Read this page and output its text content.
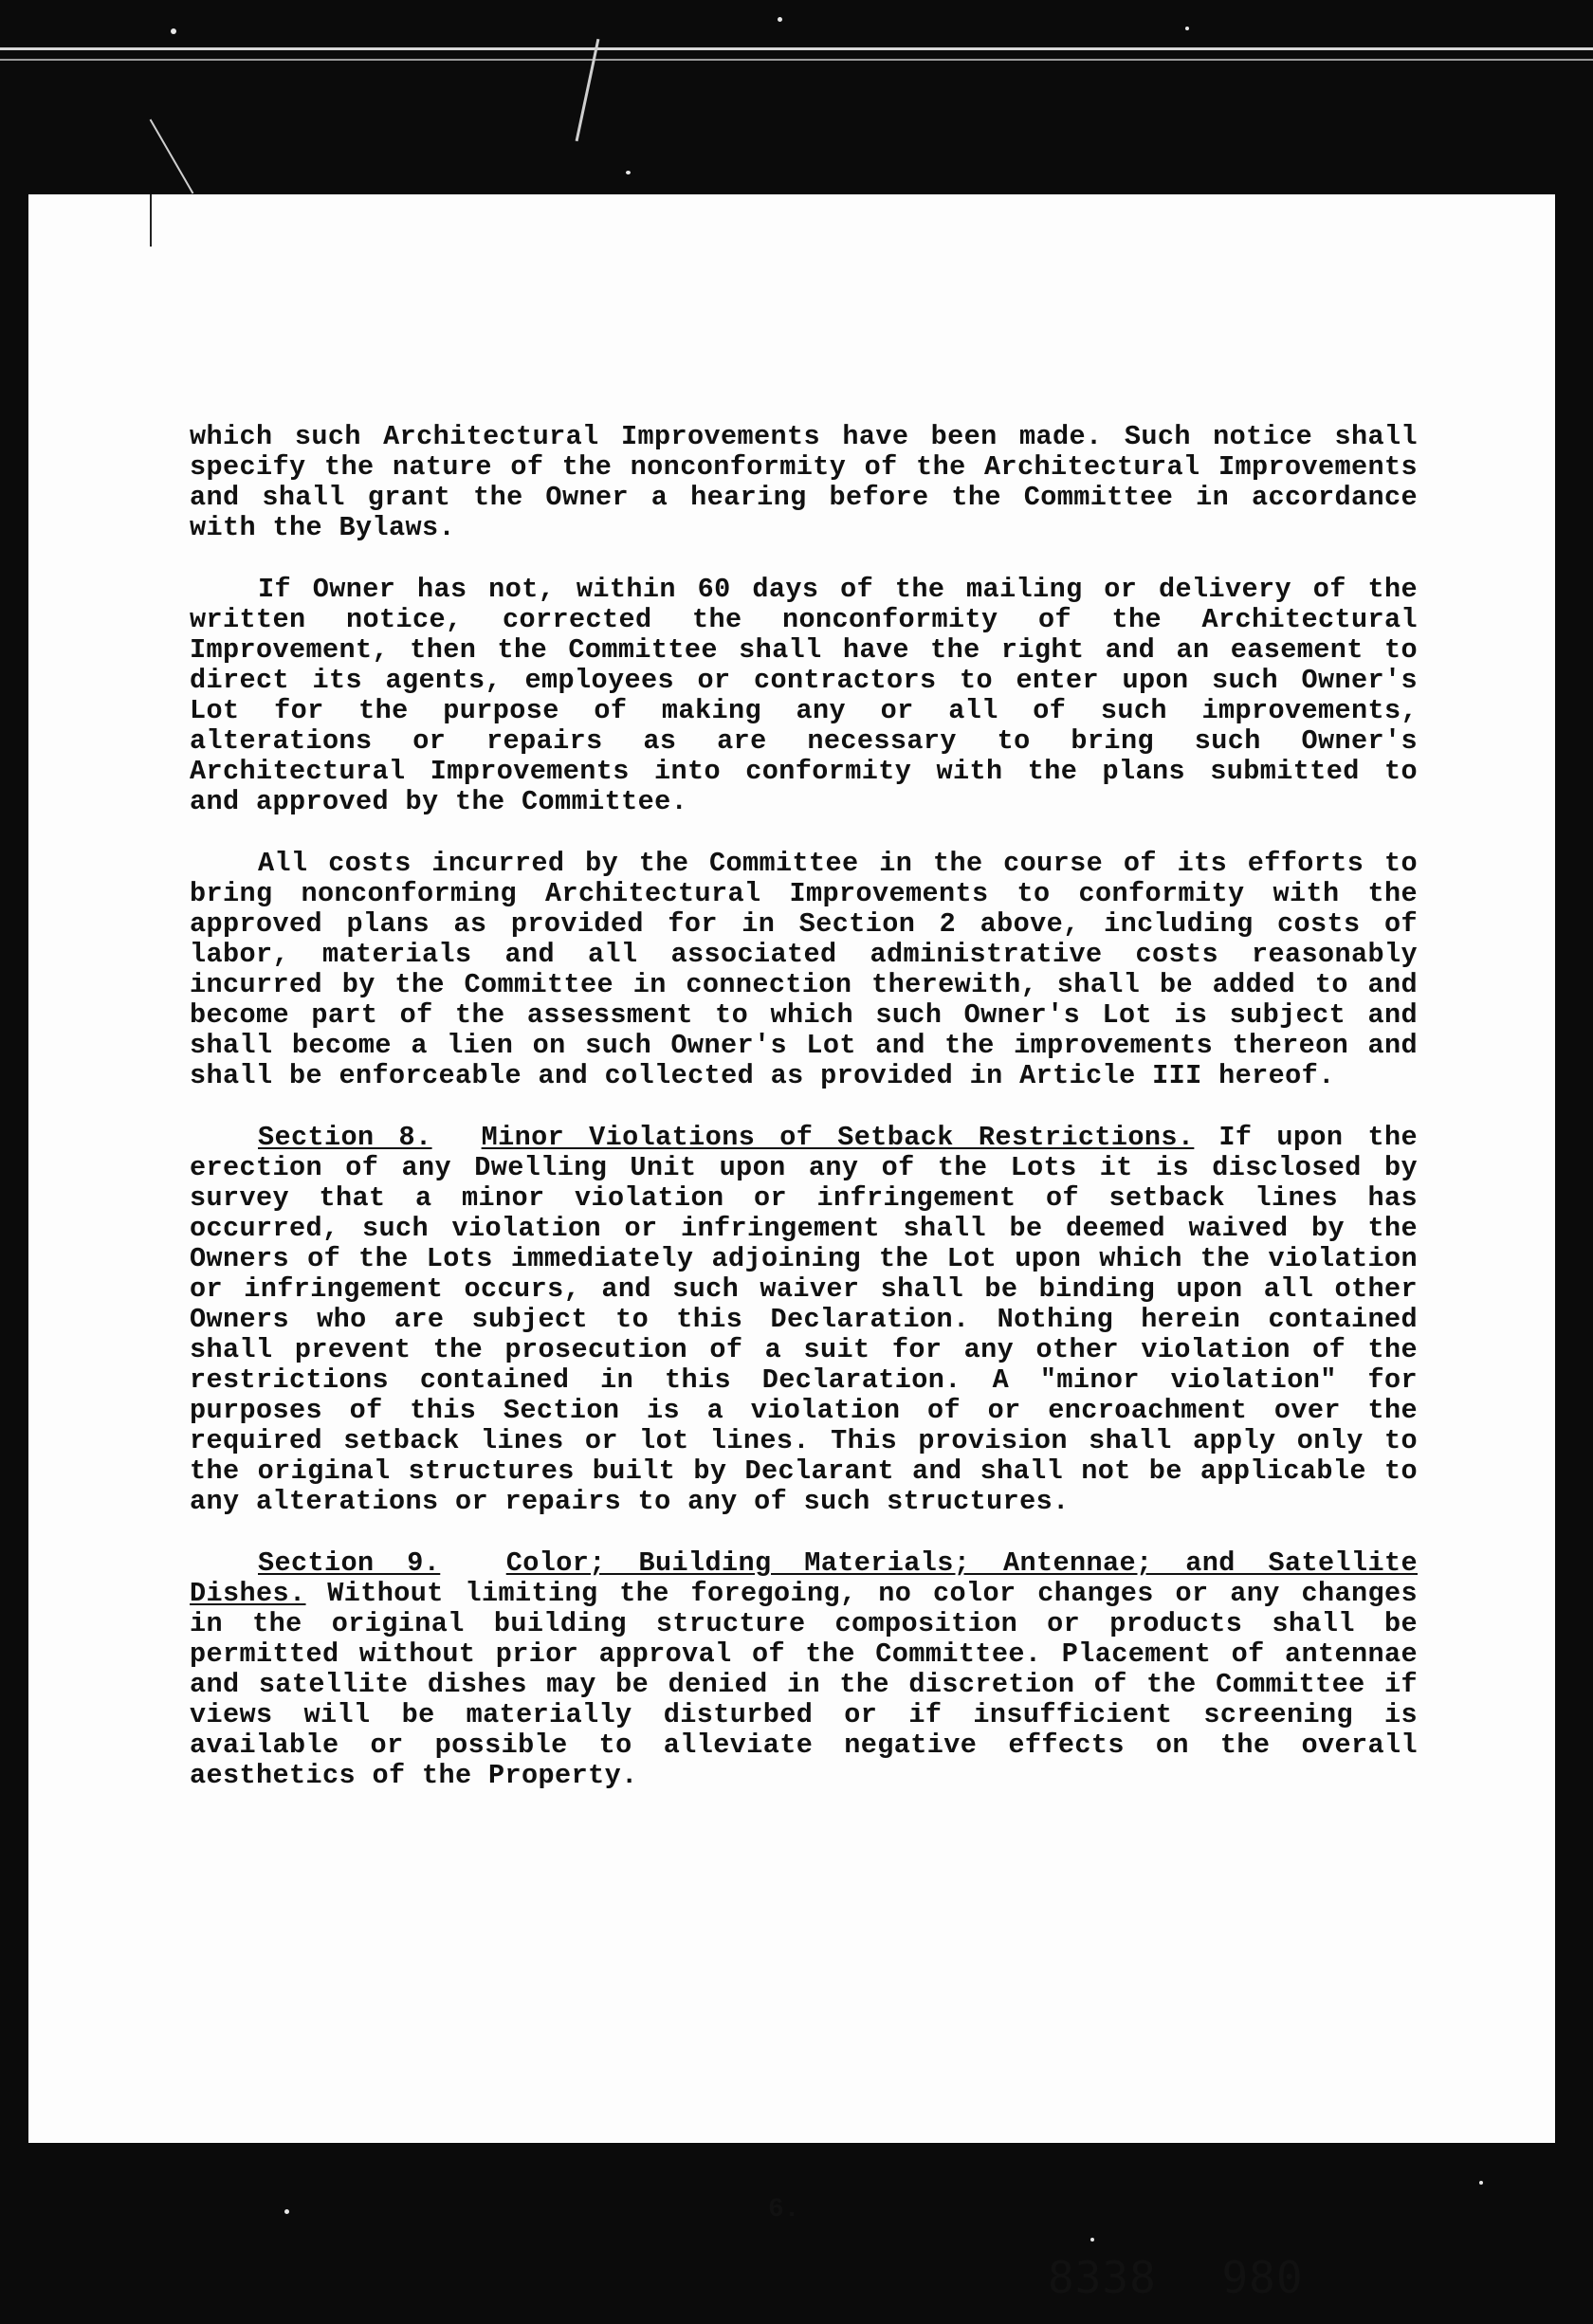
which such Architectural Improvements have been made. Such notice shall specify the nature of the nonconformity of the Architectural Improvements and shall grant the Owner a hearing before the Committee in accordance with the Bylaws.

If Owner has not, within 60 days of the mailing or delivery of the written notice, corrected the nonconformity of the Architectural Improvement, then the Committee shall have the right and an easement to direct its agents, employees or contractors to enter upon such Owner's Lot for the purpose of making any or all of such improvements, alterations or repairs as are necessary to bring such Owner's Architectural Improvements into conformity with the plans submitted to and approved by the Committee.

All costs incurred by the Committee in the course of its efforts to bring nonconforming Architectural Improvements to conformity with the approved plans as provided for in Section 2 above, including costs of labor, materials and all associated administrative costs reasonably incurred by the Committee in connection therewith, shall be added to and become part of the assessment to which such Owner's Lot is subject and shall become a lien on such Owner's Lot and the improvements thereon and shall be enforceable and collected as provided in Article III hereof.

Section 8. Minor Violations of Setback Restrictions. If upon the erection of any Dwelling Unit upon any of the Lots it is disclosed by survey that a minor violation or infringement of setback lines has occurred, such violation or infringement shall be deemed waived by the Owners of the Lots immediately adjoining the Lot upon which the violation or infringement occurs, and such waiver shall be binding upon all other Owners who are subject to this Declaration. Nothing herein contained shall prevent the prosecution of a suit for any other violation of the restrictions contained in this Declaration. A "minor violation" for purposes of this Section is a violation of or encroachment over the required setback lines or lot lines. This provision shall apply only to the original structures built by Declarant and shall not be applicable to any alterations or repairs to any of such structures.

Section 9. Color; Building Materials; Antennae; and Satellite Dishes. Without limiting the foregoing, no color changes or any changes in the original building structure composition or products shall be permitted without prior approval of the Committee. Placement of antennae and satellite dishes may be denied in the discretion of the Committee if views will be materially disturbed or if insufficient screening is available or possible to alleviate negative effects on the overall aesthetics of the Property.

6.
8338 980
